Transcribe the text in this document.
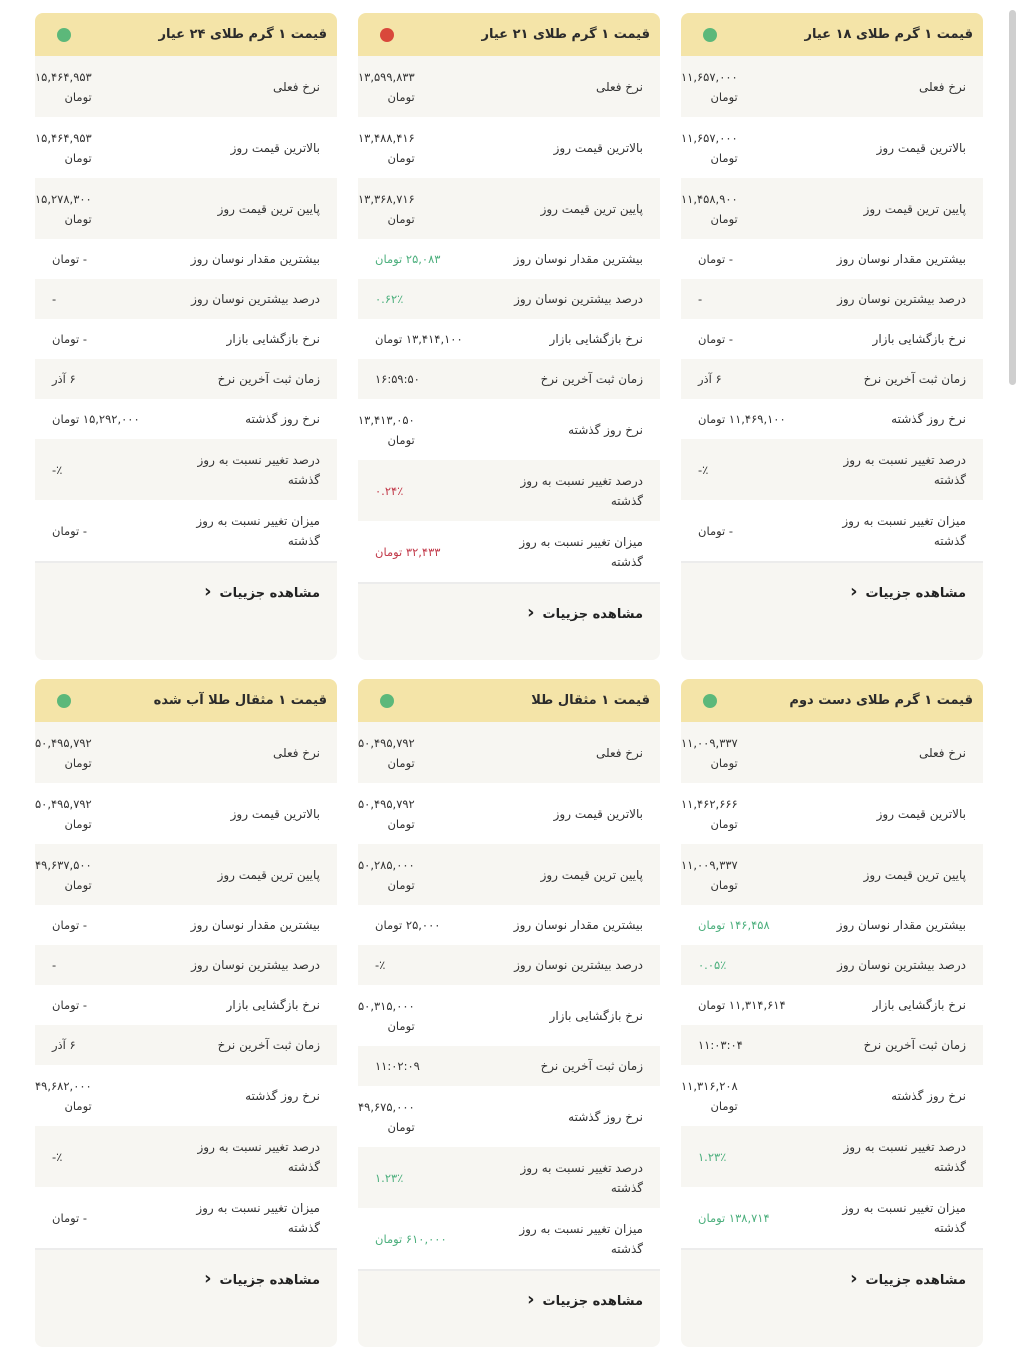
قیمت ۱ گرم طلای ۱۸ عیار
نرخ فعلی
۱۱,۶۵۷,۰۰۰
تومان
بالاترین قیمت روز
۱۱,۶۵۷,۰۰۰
تومان
پایین ترین قیمت روز
۱۱,۴۵۸,۹۰۰
تومان
بیشترین مقدار نوسان روز
- تومان
درصد بیشترین نوسان روز
-
نرخ بازگشایی بازار
- تومان
زمان ثبت آخرین نرخ
۶ آذر
نرخ روز گذشته
۱۱,۴۶۹,۱۰۰ تومان
درصد تغییر نسبت به روز گذشته
٪-
میزان تغییر نسبت به روز گذشته
- تومان
مشاهده جزییات‹
قیمت ۱ گرم طلای ۲۱ عیار
نرخ فعلی
۱۳,۵۹۹,۸۳۳
تومان
بالاترین قیمت روز
۱۳,۴۸۸,۴۱۶
تومان
پایین ترین قیمت روز
۱۳,۳۶۸,۷۱۶
تومان
بیشترین مقدار نوسان روز
۲۵,۰۸۳ تومان
درصد بیشترین نوسان روز
۰.۶۲٪
نرخ بازگشایی بازار
۱۳,۴۱۴,۱۰۰ تومان
زمان ثبت آخرین نرخ
۱۶:۵۹:۵۰
نرخ روز گذشته
۱۳,۴۱۳,۰۵۰
تومان
درصد تغییر نسبت به روز گذشته
۰.۲۴٪
میزان تغییر نسبت به روز گذشته
۳۲,۴۳۳ تومان
مشاهده جزییات‹
قیمت ۱ گرم طلای ۲۴ عیار
نرخ فعلی
۱۵,۴۶۴,۹۵۳
تومان
بالاترین قیمت روز
۱۵,۴۶۴,۹۵۳
تومان
پایین ترین قیمت روز
۱۵,۲۷۸,۳۰۰
تومان
بیشترین مقدار نوسان روز
- تومان
درصد بیشترین نوسان روز
-
نرخ بازگشایی بازار
- تومان
زمان ثبت آخرین نرخ
۶ آذر
نرخ روز گذشته
۱۵,۲۹۲,۰۰۰ تومان
درصد تغییر نسبت به روز گذشته
٪-
میزان تغییر نسبت به روز گذشته
- تومان
مشاهده جزییات‹
قیمت ۱ گرم طلای دست دوم
نرخ فعلی
۱۱,۰۰۹,۳۳۷
تومان
بالاترین قیمت روز
۱۱,۴۶۲,۶۶۶
تومان
پایین ترین قیمت روز
۱۱,۰۰۹,۳۳۷
تومان
بیشترین مقدار نوسان روز
۱۴۶,۴۵۸ تومان
درصد بیشترین نوسان روز
۰.۰۵٪
نرخ بازگشایی بازار
۱۱,۳۱۴,۶۱۴ تومان
زمان ثبت آخرین نرخ
۱۱:۰۳:۰۴
نرخ روز گذشته
۱۱,۳۱۶,۲۰۸
تومان
درصد تغییر نسبت به روز گذشته
۱.۲۳٪
میزان تغییر نسبت به روز گذشته
۱۳۸,۷۱۴ تومان
مشاهده جزییات‹
قیمت ۱ مثقال طلا
نرخ فعلی
۵۰,۴۹۵,۷۹۲
تومان
بالاترین قیمت روز
۵۰,۴۹۵,۷۹۲
تومان
پایین ترین قیمت روز
۵۰,۲۸۵,۰۰۰
تومان
بیشترین مقدار نوسان روز
۲۵,۰۰۰ تومان
درصد بیشترین نوسان روز
٪-
نرخ بازگشایی بازار
۵۰,۳۱۵,۰۰۰
تومان
زمان ثبت آخرین نرخ
۱۱:۰۲:۰۹
نرخ روز گذشته
۴۹,۶۷۵,۰۰۰
تومان
درصد تغییر نسبت به روز گذشته
۱.۲۳٪
میزان تغییر نسبت به روز گذشته
۶۱۰,۰۰۰ تومان
مشاهده جزییات‹
قیمت ۱ مثقال طلا آب شده
نرخ فعلی
۵۰,۴۹۵,۷۹۲
تومان
بالاترین قیمت روز
۵۰,۴۹۵,۷۹۲
تومان
پایین ترین قیمت روز
۴۹,۶۳۷,۵۰۰
تومان
بیشترین مقدار نوسان روز
- تومان
درصد بیشترین نوسان روز
-
نرخ بازگشایی بازار
- تومان
زمان ثبت آخرین نرخ
۶ آذر
نرخ روز گذشته
۴۹,۶۸۲,۰۰۰
تومان
درصد تغییر نسبت به روز گذشته
٪-
میزان تغییر نسبت به روز گذشته
- تومان
مشاهده جزییات‹
